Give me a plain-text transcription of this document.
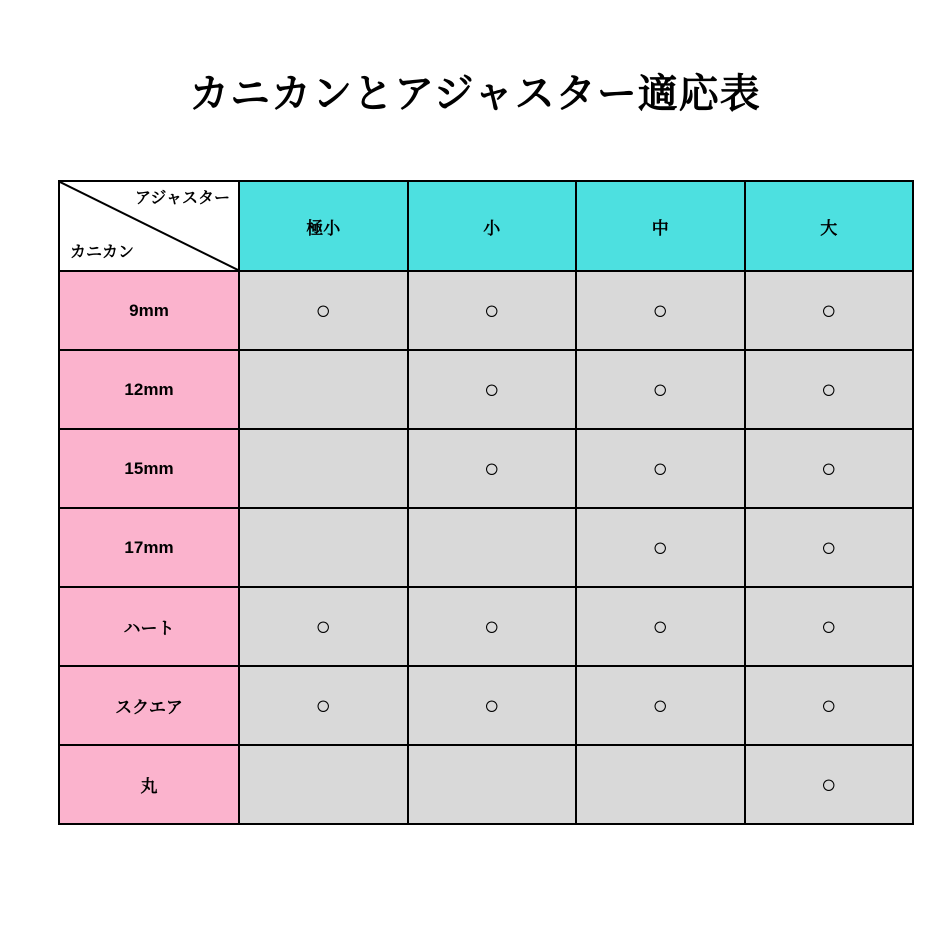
カニカンとアジャスター適応表
アジャスター
カニカン	極小	小	中	大
9mm	○	○	○	○
12mm		○	○	○
15mm		○	○	○
17mm			○	○
ハート	○	○	○	○
スクエア	○	○	○	○
丸				○
